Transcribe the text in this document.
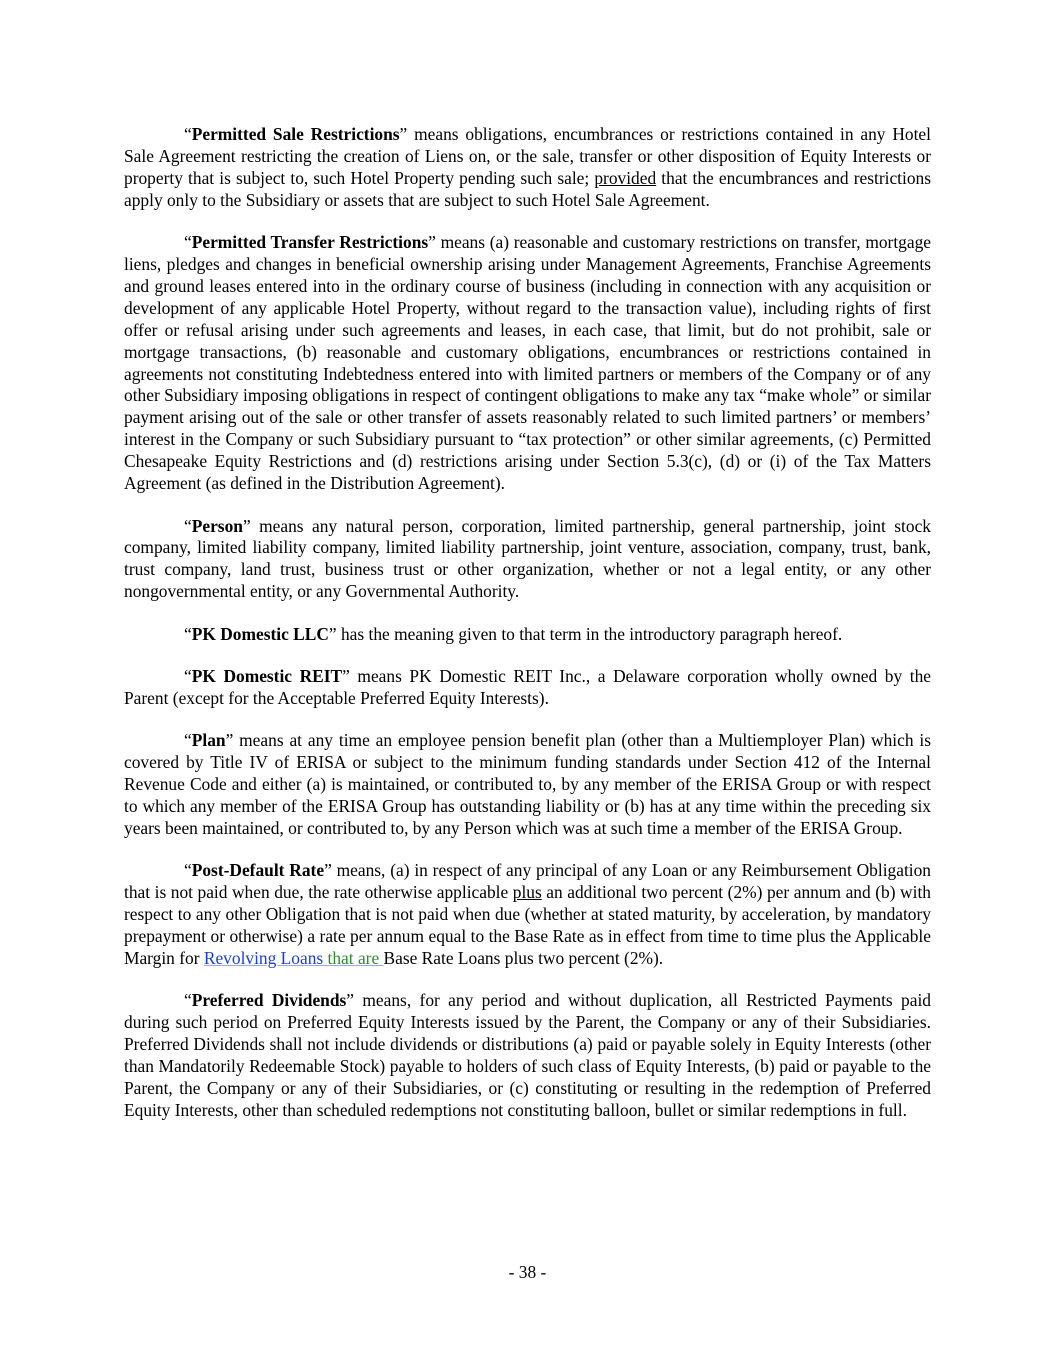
“Permitted Sale Restrictions” means obligations, encumbrances or restrictions contained in any Hotel Sale Agreement restricting the creation of Liens on, or the sale, transfer or other disposition of Equity Interests or property that is subject to, such Hotel Property pending such sale; provided that the encumbrances and restrictions apply only to the Subsidiary or assets that are subject to such Hotel Sale Agreement.

“Permitted Transfer Restrictions” means (a) reasonable and customary restrictions on transfer, mortgage liens, pledges and changes in beneficial ownership arising under Management Agreements, Franchise Agreements and ground leases entered into in the ordinary course of business (including in connection with any acquisition or development of any applicable Hotel Property, without regard to the transaction value), including rights of first offer or refusal arising under such agreements and leases, in each case, that limit, but do not prohibit, sale or mortgage transactions, (b) reasonable and customary obligations, encumbrances or restrictions contained in agreements not constituting Indebtedness entered into with limited partners or members of the Company or of any other Subsidiary imposing obligations in respect of contingent obligations to make any tax “make whole” or similar payment arising out of the sale or other transfer of assets reasonably related to such limited partners’ or members’ interest in the Company or such Subsidiary pursuant to “tax protection” or other similar agreements, (c) Permitted Chesapeake Equity Restrictions and (d) restrictions arising under Section 5.3(c), (d) or (i) of the Tax Matters Agreement (as defined in the Distribution Agreement).

“Person” means any natural person, corporation, limited partnership, general partnership, joint stock company, limited liability company, limited liability partnership, joint venture, association, company, trust, bank, trust company, land trust, business trust or other organization, whether or not a legal entity, or any other nongovernmental entity, or any Governmental Authority.

“PK Domestic LLC” has the meaning given to that term in the introductory paragraph hereof.

“PK Domestic REIT” means PK Domestic REIT Inc., a Delaware corporation wholly owned by the Parent (except for the Acceptable Preferred Equity Interests).

“Plan” means at any time an employee pension benefit plan (other than a Multiemployer Plan) which is covered by Title IV of ERISA or subject to the minimum funding standards under Section 412 of the Internal Revenue Code and either (a) is maintained, or contributed to, by any member of the ERISA Group or with respect to which any member of the ERISA Group has outstanding liability or (b) has at any time within the preceding six years been maintained, or contributed to, by any Person which was at such time a member of the ERISA Group.

“Post-Default Rate” means, (a) in respect of any principal of any Loan or any Reimbursement Obligation that is not paid when due, the rate otherwise applicable plus an additional two percent (2%) per annum and (b) with respect to any other Obligation that is not paid when due (whether at stated maturity, by acceleration, by mandatory prepayment or otherwise) a rate per annum equal to the Base Rate as in effect from time to time plus the Applicable Margin for Revolving Loans that are Base Rate Loans plus two percent (2%).

“Preferred Dividends” means, for any period and without duplication, all Restricted Payments paid during such period on Preferred Equity Interests issued by the Parent, the Company or any of their Subsidiaries. Preferred Dividends shall not include dividends or distributions (a) paid or payable solely in Equity Interests (other than Mandatorily Redeemable Stock) payable to holders of such class of Equity Interests, (b) paid or payable to the Parent, the Company or any of their Subsidiaries, or (c) constituting or resulting in the redemption of Preferred Equity Interests, other than scheduled redemptions not constituting balloon, bullet or similar redemptions in full.

- 38 -
